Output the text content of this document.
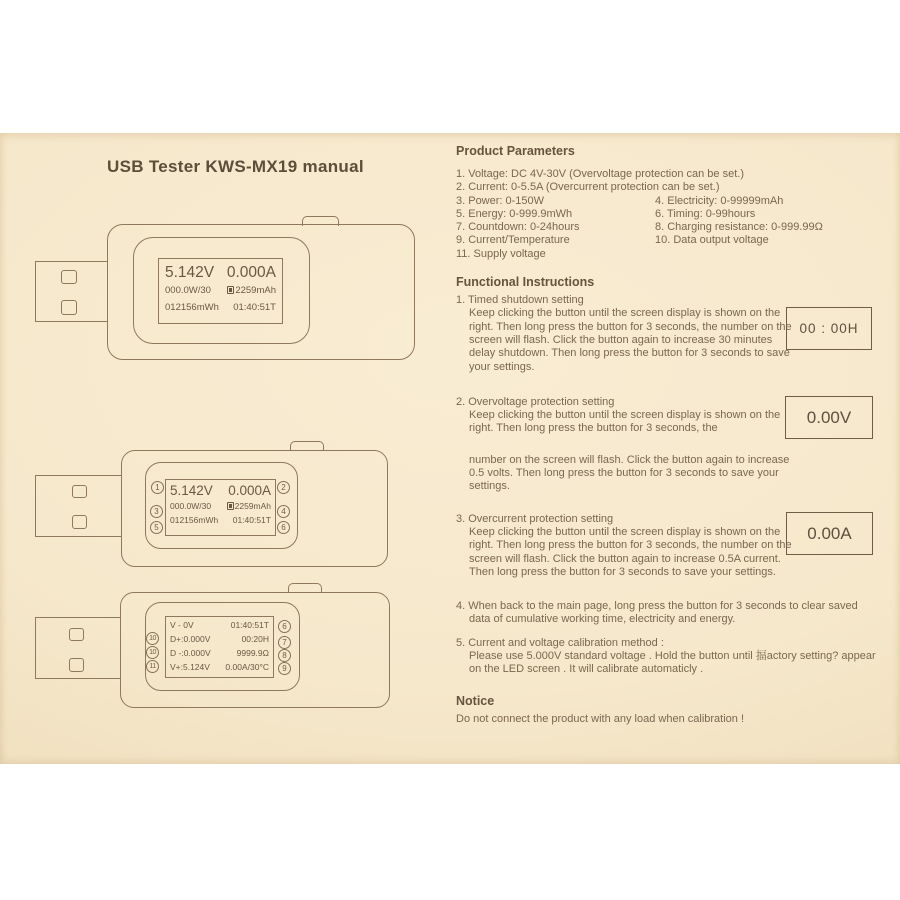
USB Tester KWS-MX19 manual
5.142V 0.000A
000.0W/30	2259mAh
012156mWh 01:40:51T
5.142V 0.000A
000.0W/30	2259mAh
012156mWh 01:40:51T
1
3
5
2
4
6
V - 0V	01:40:51T
D+:0.000V	00:20H
D -:0.000V	9999.9Ω
V+:5.124V 0.00A/30°C
10
10
11
6
7
8
9
Product Parameters
1. Voltage: DC 4V-30V (Overvoltage protection can be set.)
2. Current: 0-5.5A (Overcurrent protection can be set.)
3. Power: 0-150W	4. Electricity: 0-99999mAh
5. Energy: 0-999.9mWh	6. Timing: 0-99hours
7. Countdown: 0-24hours	8. Charging resistance: 0-999.99Ω
9. Current/Temperature	10. Data output voltage
11. Supply voltage
Functional Instructions
1. Timed shutdown setting
Keep clicking the button until the screen display is shown on the right. Then long press the button for 3 seconds, the number on the screen will flash. Click the button again to increase 30 minutes delay shutdown. Then long press the button for 3 seconds to save your settings.
2. Overvoltage protection setting
Keep clicking the button until the screen display is shown on the right. Then long press the button for 3 seconds, the
number on the screen will flash. Click the button again to increase 0.5 volts. Then long press the button for 3 seconds to save your settings.
3. Overcurrent protection setting
Keep clicking the button until the screen display is shown on the right. Then long press the button for 3 seconds, the number on the screen will flash. Click the button again to increase 0.5A current. Then long press the button for 3 seconds to save your settings.
4. When back to the main page, long press the button for 3 seconds to clear saved data of cumulative working time, electricity and energy.
5. Current and voltage calibration method :
Please use 5.000V standard voltage . Hold the button until 揊actory setting? appear on the LED screen . It will calibrate automaticly .
Notice
Do not connect the product with any load when calibration !
00 : 00H
0.00V
0.00A
